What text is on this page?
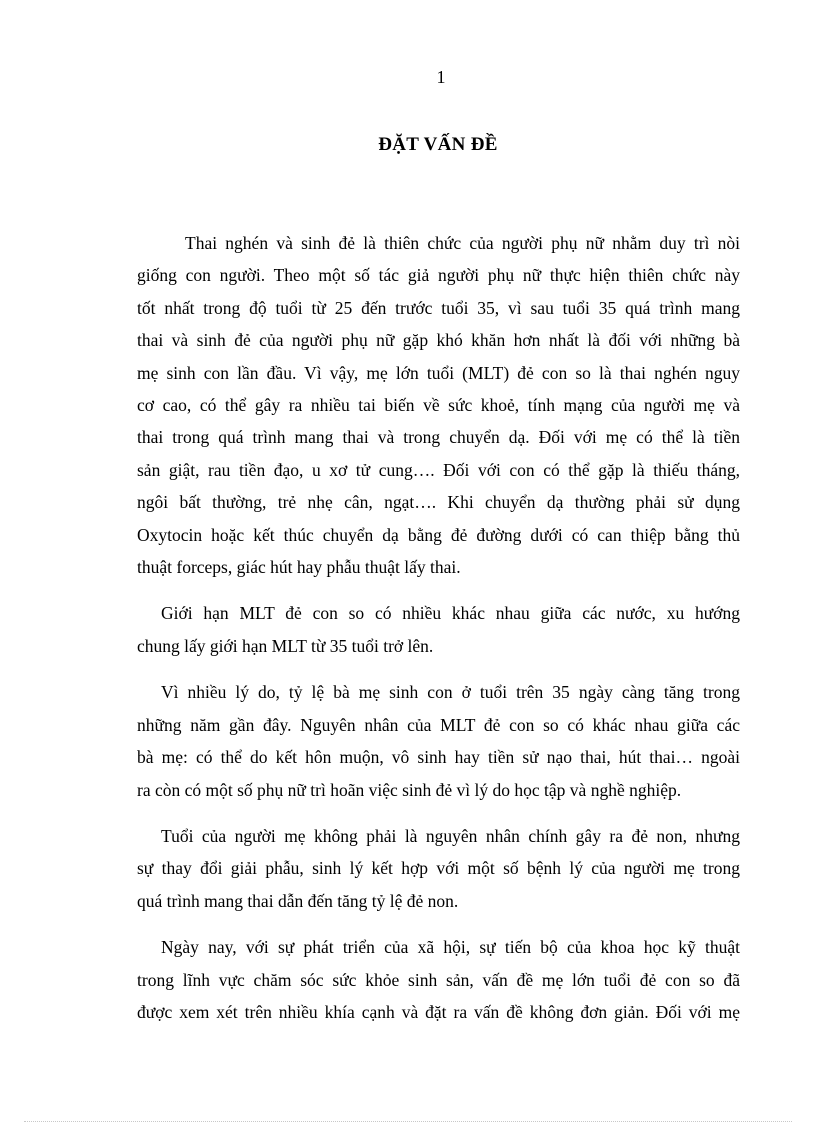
1
ĐẶT VẤN ĐỀ

Thai nghén và sinh đẻ là thiên chức của người phụ nữ nhằm duy trì nòi
giống con người. Theo một số tác giả người phụ nữ thực hiện thiên chức này
tốt nhất trong độ tuổi từ 25 đến trước tuổi 35, vì sau tuổi 35 quá trình mang
thai và sinh đẻ của người phụ nữ gặp khó khăn hơn nhất là đối với những bà
mẹ sinh con lần đầu. Vì vậy, mẹ lớn tuổi (MLT) đẻ con so là thai nghén nguy
cơ cao, có thể gây ra nhiều tai biến về sức khoẻ, tính mạng của người mẹ và
thai trong quá trình mang thai và trong chuyển dạ. Đối với mẹ có thể là tiền
sản giật, rau tiền đạo, u xơ tử cung…. Đối với con có thể gặp là thiếu tháng,
ngôi bất thường, trẻ nhẹ cân, ngạt…. Khi chuyển dạ thường phải sử dụng
Oxytocin hoặc kết thúc chuyển dạ bằng đẻ đường dưới có can thiệp bằng thủ
thuật forceps, giác hút hay phẫu thuật lấy thai.

Giới hạn MLT đẻ con so có nhiều khác nhau giữa các nước, xu hướng
chung lấy giới hạn MLT từ 35 tuổi trở lên.

Vì nhiều lý do, tỷ lệ bà mẹ sinh con ở tuổi trên 35 ngày càng tăng trong
những năm gần đây. Nguyên nhân của MLT đẻ con so có khác nhau giữa các
bà mẹ: có thể do kết hôn muộn, vô sinh hay tiền sử nạo thai, hút thai… ngoài
ra còn có một số phụ nữ trì hoãn việc sinh đẻ vì lý do học tập và nghề nghiệp.

Tuổi của người mẹ không phải là nguyên nhân chính gây ra đẻ non, nhưng
sự thay đổi giải phẫu, sinh lý kết hợp với một số bệnh lý của người mẹ trong
quá trình mang thai dẫn đến tăng tỷ lệ đẻ non.

Ngày nay, với sự phát triển của xã hội, sự tiến bộ của khoa học kỹ thuật
trong lĩnh vực chăm sóc sức khỏe sinh sản, vấn đề mẹ lớn tuổi đẻ con so đã
được xem xét trên nhiều khía cạnh và đặt ra vấn đề không đơn giản. Đối với mẹ
